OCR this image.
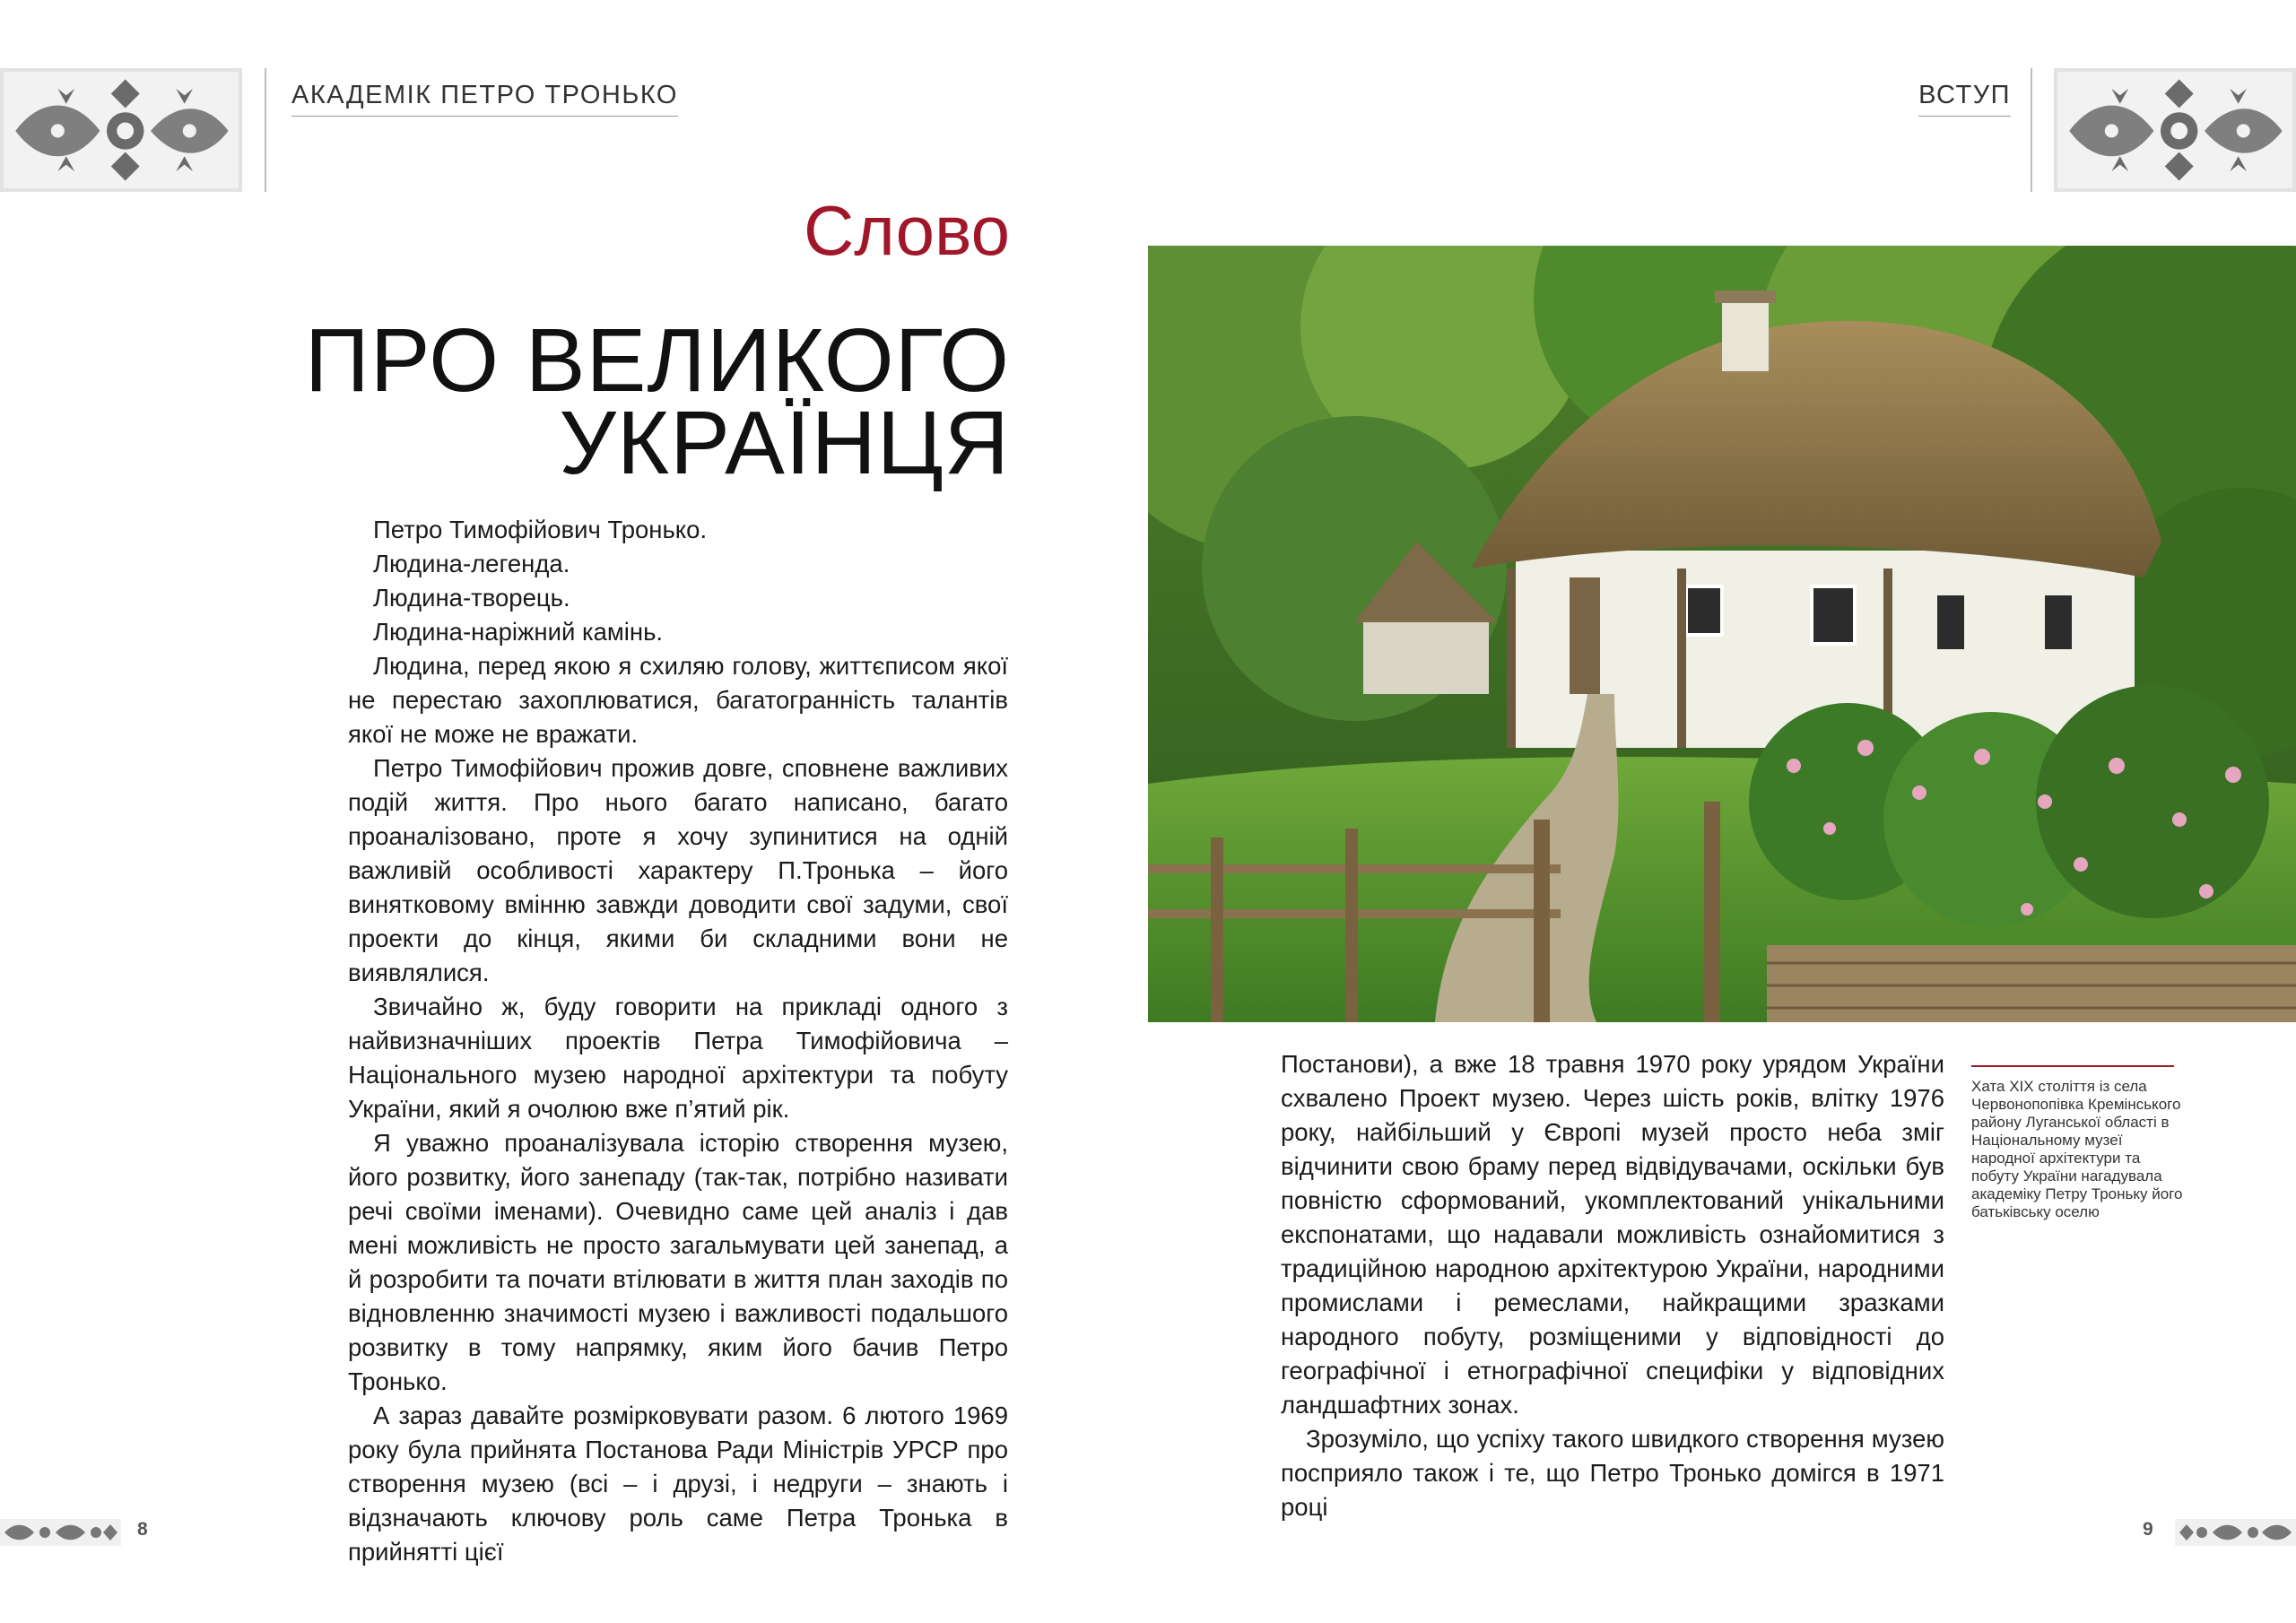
АКАДЕМІК ПЕТРО ТРОНЬКО	ВСТУП
Слово
ПРО ВЕЛИКОГО
УКРАЇНЦЯ

Петро Тимофійович Тронько.

Людина-легенда.

Людина-творець.

Людина-наріжний камінь.

Людина, перед якою я схиляю голову, життєписом якої не перестаю захоплюватися, багатогранність талантів якої не може не вражати.

Петро Тимофійович прожив довге, сповнене важливих подій життя. Про нього багато написано, багато проаналізовано, проте я хочу зупинитися на одній важливій особливості характеру П.Тронька – його винятковому вмінню завжди доводити свої задуми, свої проекти до кінця, якими би складними вони не виявлялися.

Звичайно ж, буду говорити на прикладі одного з найвизначніших проектів Петра Тимофійовича – Національного музею народної архітектури та побуту України, який я очолюю вже п’ятий рік.

Я уважно проаналізувала історію створення музею, його розвитку, його занепаду (так-так, потрібно називати речі своїми іменами). Очевидно саме цей аналіз і дав мені можливість не просто загальмувати цей занепад, а й розробити та почати втілювати в життя план заходів по відновленню значимості музею і важливості подальшого розвитку в тому напрямку, яким його бачив Петро Тронько.

А зараз давайте розмірковувати разом. 6 лютого 1969 року була прийнята Постанова Ради Міністрів УРСР про створення музею (всі – і друзі, і недруги – знають і відзначають ключову роль саме Петра Тронька в прийнятті цієї

Постанови), а вже 18 травня 1970 року урядом України схвалено Проект музею. Через шість років, влітку 1976 року, найбільший у Європі музей просто неба зміг відчинити свою браму перед відвідувачами, оскільки був повністю сформований, укомплектований унікальними експонатами, що надавали можливість ознайомитися з традиційною народною архітектурою України, народними промислами і ремеслами, найкращими зразками народного побуту, розміщеними у відповідності до географічної і етнографічної специфіки у відповідних ландшафтних зонах.

Зрозуміло, що успіху такого швидкого створення музею посприяло також і те, що Петро Тронько домігся в 1971 році

Хата XIX століття із села Червонопопівка Кремінського району Луганської області в Національному музеї народної архітектури та побуту України нагадувала академіку Петру Троньку його батьківську оселю
8	9
